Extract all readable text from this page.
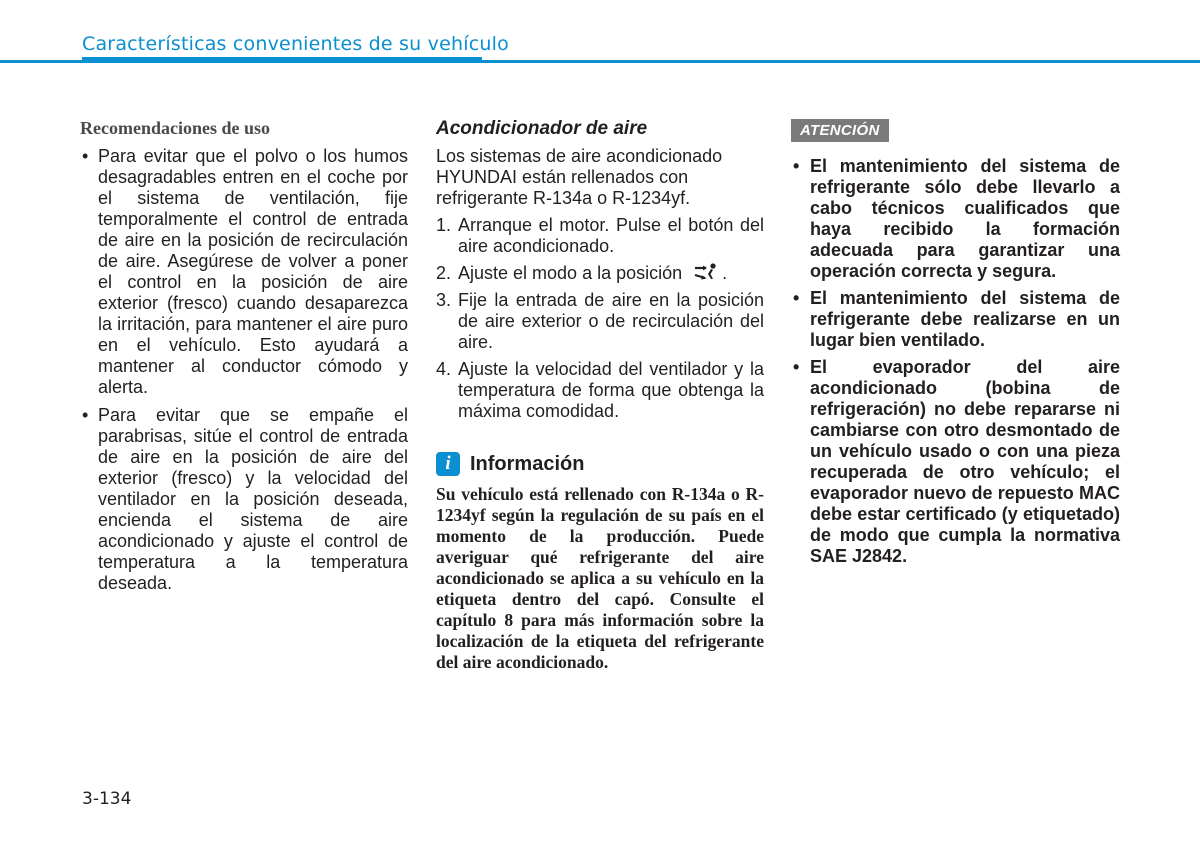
Características convenientes de su vehículo
Recomendaciones de uso
• Para evitar que el polvo o los humos desagradables entren en el coche por el sistema de ventilación, fije temporalmente el control de entrada de aire en la posición de recirculación de aire. Asegúrese de volver a poner el control en la posición de aire exterior (fresco) cuando desaparezca la irritación, para mantener el aire puro en el vehículo. Esto ayudará a mantener al conductor cómodo y alerta.
• Para evitar que se empañe el parabrisas, sitúe el control de entrada de aire en la posición de aire del exterior (fresco) y la velocidad del ventilador en la posición deseada, encienda el sistema de aire acondicionado y ajuste el control de temperatura a la temperatura deseada.
Acondicionador de aire

Los sistemas de aire acondicionado HYUNDAI están rellenados con refrigerante R-134a o R-1234yf.

1. Arranque el motor. Pulse el botón del aire acondicionado.
2. Ajuste el modo a la posición .
3. Fije la entrada de aire en la posición de aire exterior o de recirculación del aire.
4. Ajuste la velocidad del ventilador y la temperatura de forma que obtenga la máxima comodidad.
i Información

Su vehículo está rellenado con R-134a o R-1234yf según la regulación de su país en el momento de la producción. Puede averiguar qué refrigerante del aire acondicionado se aplica a su vehículo en la etiqueta dentro del capó. Consulte el capítulo 8 para más información sobre la localización de la etiqueta del refrigerante del aire acondicionado.

ATENCIÓN
• El mantenimiento del sistema de refrigerante sólo debe llevarlo a cabo técnicos cualificados que haya recibido la formación adecuada para garantizar una operación correcta y segura.
• El mantenimiento del sistema de refrigerante debe realizarse en un lugar bien ventilado.
• El evaporador del aire acondicionado (bobina de refrigeración) no debe repararse ni cambiarse con otro desmontado de un vehículo usado o con una pieza recuperada de otro vehículo; el evaporador nuevo de repuesto MAC debe estar certificado (y etiquetado) de modo que cumpla la normativa SAE J2842.
3-134
